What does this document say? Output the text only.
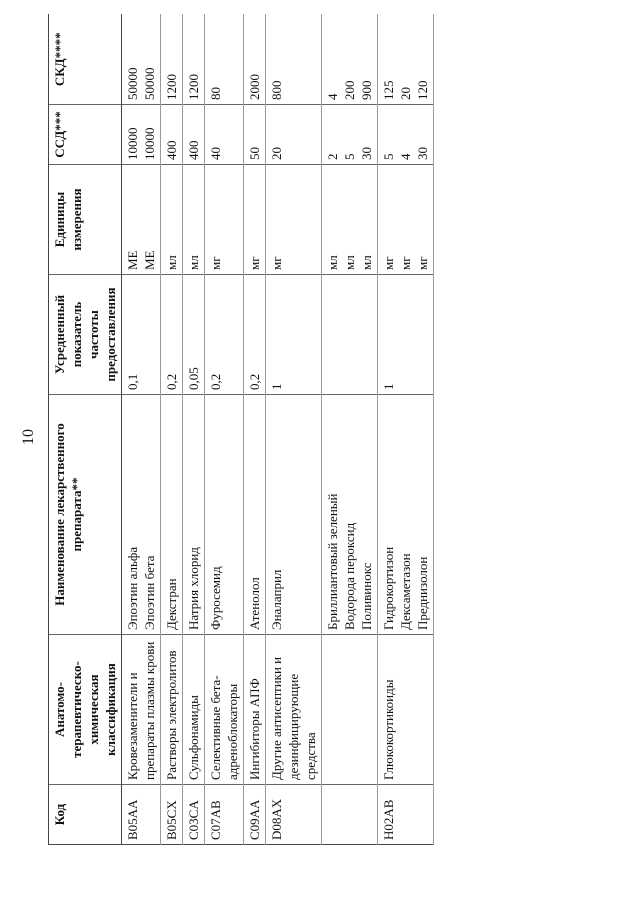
10
Код	Анатомо-терапевтическо-химическая классификация	Наименование лекарственного препарата**	Усредненный показатель частоты предоставления	Единицы измерения	ССД***	СКД****
B05AA	Кровезаменители и препараты плазмы крови	Эпоэтин альфа Эпоэтин бета	0,1	МЕ МЕ	10000 10000	50000 50000

B05CX	Растворы электролитов	Декстран	0,2	мл	400	1200

C03CA	Сульфонамиды	Натрия хлорид	0,05	мл	400	1200

C07AB	Селективные бета-адреноблокаторы	Фуросемид	0,2	мг	40	80

C09AA	Ингибиторы АПФ	Атенолол	0,2	мг	50	2000

D08AX	Другие антисептики и дезинфицирующие средства	Эналаприл	1	мг	20	800

		Бриллиантовый зеленый Водорода пероксид Поливинокс		мл мл мл	2 5 30	4 200 900

H02AB	Глюкокортикоиды	Гидрокортизон Дексаметазон Преднизолон	1	мг мг мг	5 4 30	125 20 120
